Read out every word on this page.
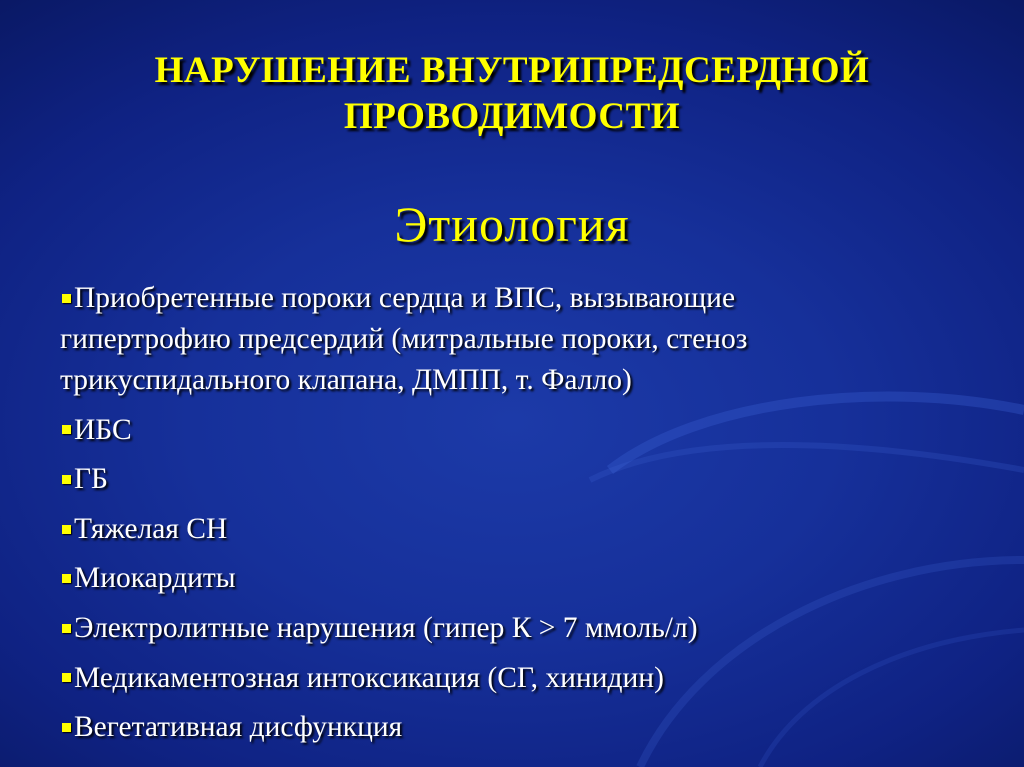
НАРУШЕНИЕ ВНУТРИПРЕДСЕРДНОЙ ПРОВОДИМОСТИ
Этиология
Приобретенные пороки сердца и ВПС, вызывающие гипертрофию предсердий (митральные пороки, стеноз трикуспидального клапана, ДМПП, т. Фалло)
ИБС
ГБ
Тяжелая СН
Миокардиты
Электролитные нарушения (гипер К > 7 ммоль/л)
Медикаментозная интоксикация (СГ, хинидин)
Вегетативная дисфункция
